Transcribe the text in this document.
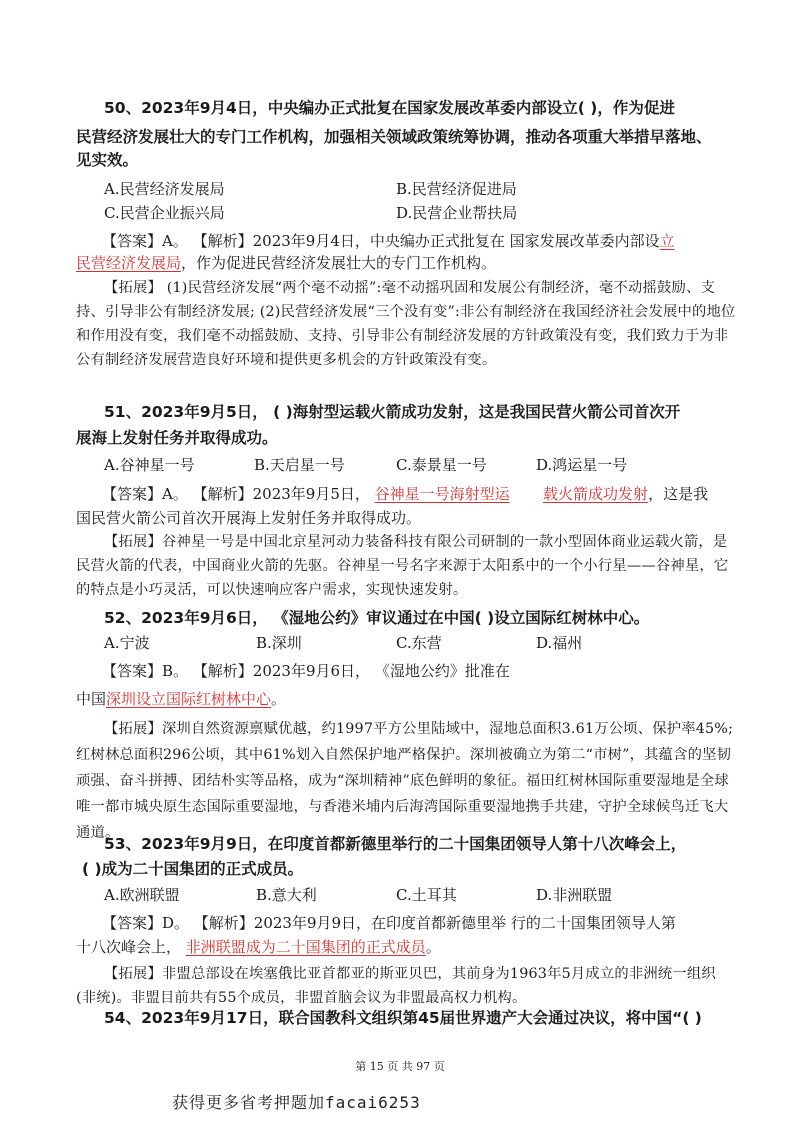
50、2023年9月4日，中央编办正式批复在国家发展改革委内部设立( )，作为促进
民营经济发展壮大的专门工作机构，加强相关领域政策统筹协调，推动各项重大举措早落地、
见实效。
A.民营经济发展局	B.民营经济促进局
C.民营企业振兴局	D.民营企业帮扶局
【答案】A。 【解析】2023年9月4日，中央编办正式批复在 国家发展改革委内部设立
民营经济发展局，作为促进民营经济发展壮大的专门工作机构。
【拓展】 (1)民营经济发展“两个毫不动摇”:毫不动摇巩固和发展公有制经济，毫不动摇鼓励、支持、引导非公有制经济发展; (2)民营经济发展“三个没有变”:非公有制经济在我国经济社会发展中的地位和作用没有变，我们毫不动摇鼓励、支持、引导非公有制经济发展的方针政策没有变，我们致力于为非公有制经济发展营造良好环境和提供更多机会的方针政策没有变。
51、2023年9月5日， ( )海射型运载火箭成功发射，这是我国民营火箭公司首次开
展海上发射任务并取得成功。
A.谷神星一号	B.天启星一号	C.泰景星一号	D.鸿运星一号
【答案】A。 【解析】2023年9月5日， 谷神星一号海射型运 载火箭成功发射，这是我
国民营火箭公司首次开展海上发射任务并取得成功。
【拓展】谷神星一号是中国北京星河动力装备科技有限公司研制的一款小型固体商业运载火箭，是民营火箭的代表，中国商业火箭的先驱。谷神星一号名字来源于太阳系中的一个小行星——谷神星，它的特点是小巧灵活，可以快速响应客户需求，实现快速发射。
52、2023年9月6日， 《湿地公约》审议通过在中国( )设立国际红树林中心。
A.宁波	B.深圳	C.东营	D.福州
【答案】B。 【解析】2023年9月6日， 《湿地公约》批准在
中国深圳设立国际红树林中心。
【拓展】深圳自然资源禀赋优越，约1997平方公里陆域中，湿地总面积3.61万公顷、保护率45%;红树林总面积296公顷，其中61%划入自然保护地严格保护。深圳被确立为第二“市树”，其蕴含的坚韧顽强、奋斗拼搏、团结朴实等品格，成为“深圳精神”底色鲜明的象征。福田红树林国际重要湿地是全球唯一都市城央原生态国际重要湿地，与香港米埔内后海湾国际重要湿地携手共建，守护全球候鸟迁飞大通道。
53、2023年9月9日，在印度首都新德里举行的二十国集团领导人第十八次峰会上，
( )成为二十国集团的正式成员。
A.欧洲联盟	B.意大利	C.土耳其	D.非洲联盟
【答案】D。 【解析】2023年9月9日，在印度首都新德里举 行的二十国集团领导人第
十八次峰会上， 非洲联盟成为二十国集团的正式成员。
【拓展】非盟总部设在埃塞俄比亚首都亚的斯亚贝巴，其前身为1963年5月成立的非洲统一组织(非统)。非盟目前共有55个成员，非盟首脑会议为非盟最高权力机构。
54、2023年9月17日，联合国教科文组织第45届世界遗产大会通过决议，将中国“( )
第 15 页 共 97 页
获得更多省考押题加facai6253
